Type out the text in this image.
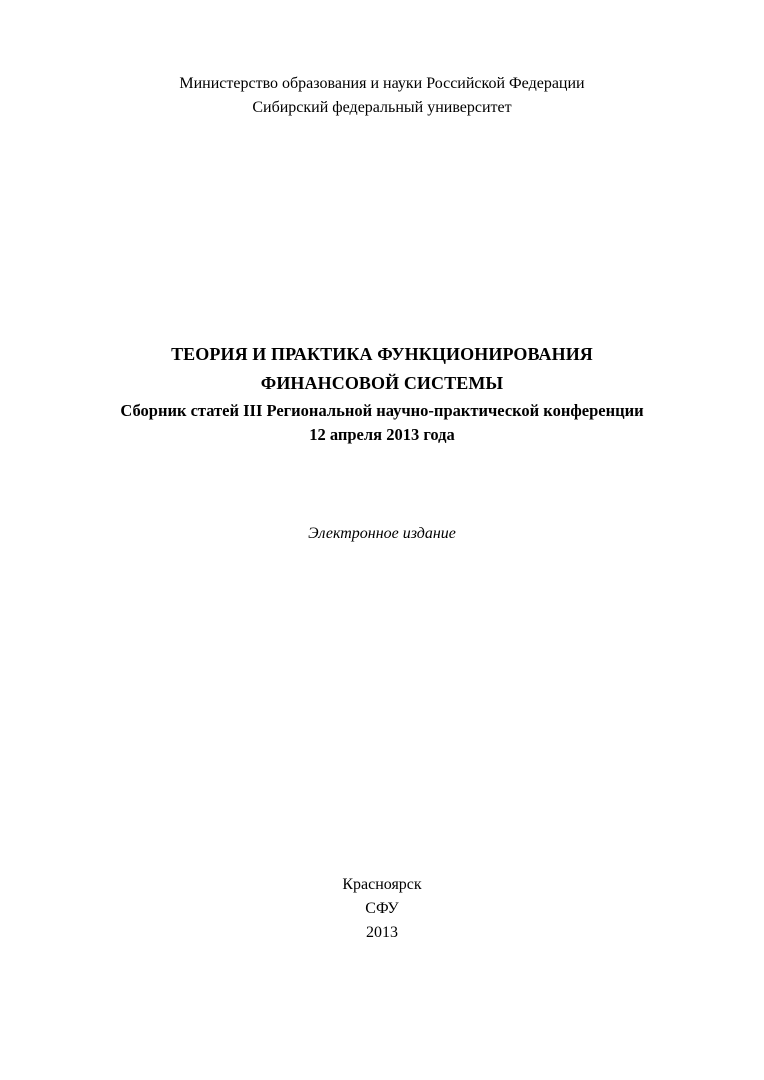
Министерство образования и науки Российской Федерации
Сибирский федеральный университет
ТЕОРИЯ И ПРАКТИКА ФУНКЦИОНИРОВАНИЯ
ФИНАНСОВОЙ СИСТЕМЫ
Сборник статей III Региональной научно-практической конференции
12 апреля 2013 года
Электронное издание
Красноярск
СФУ
2013
